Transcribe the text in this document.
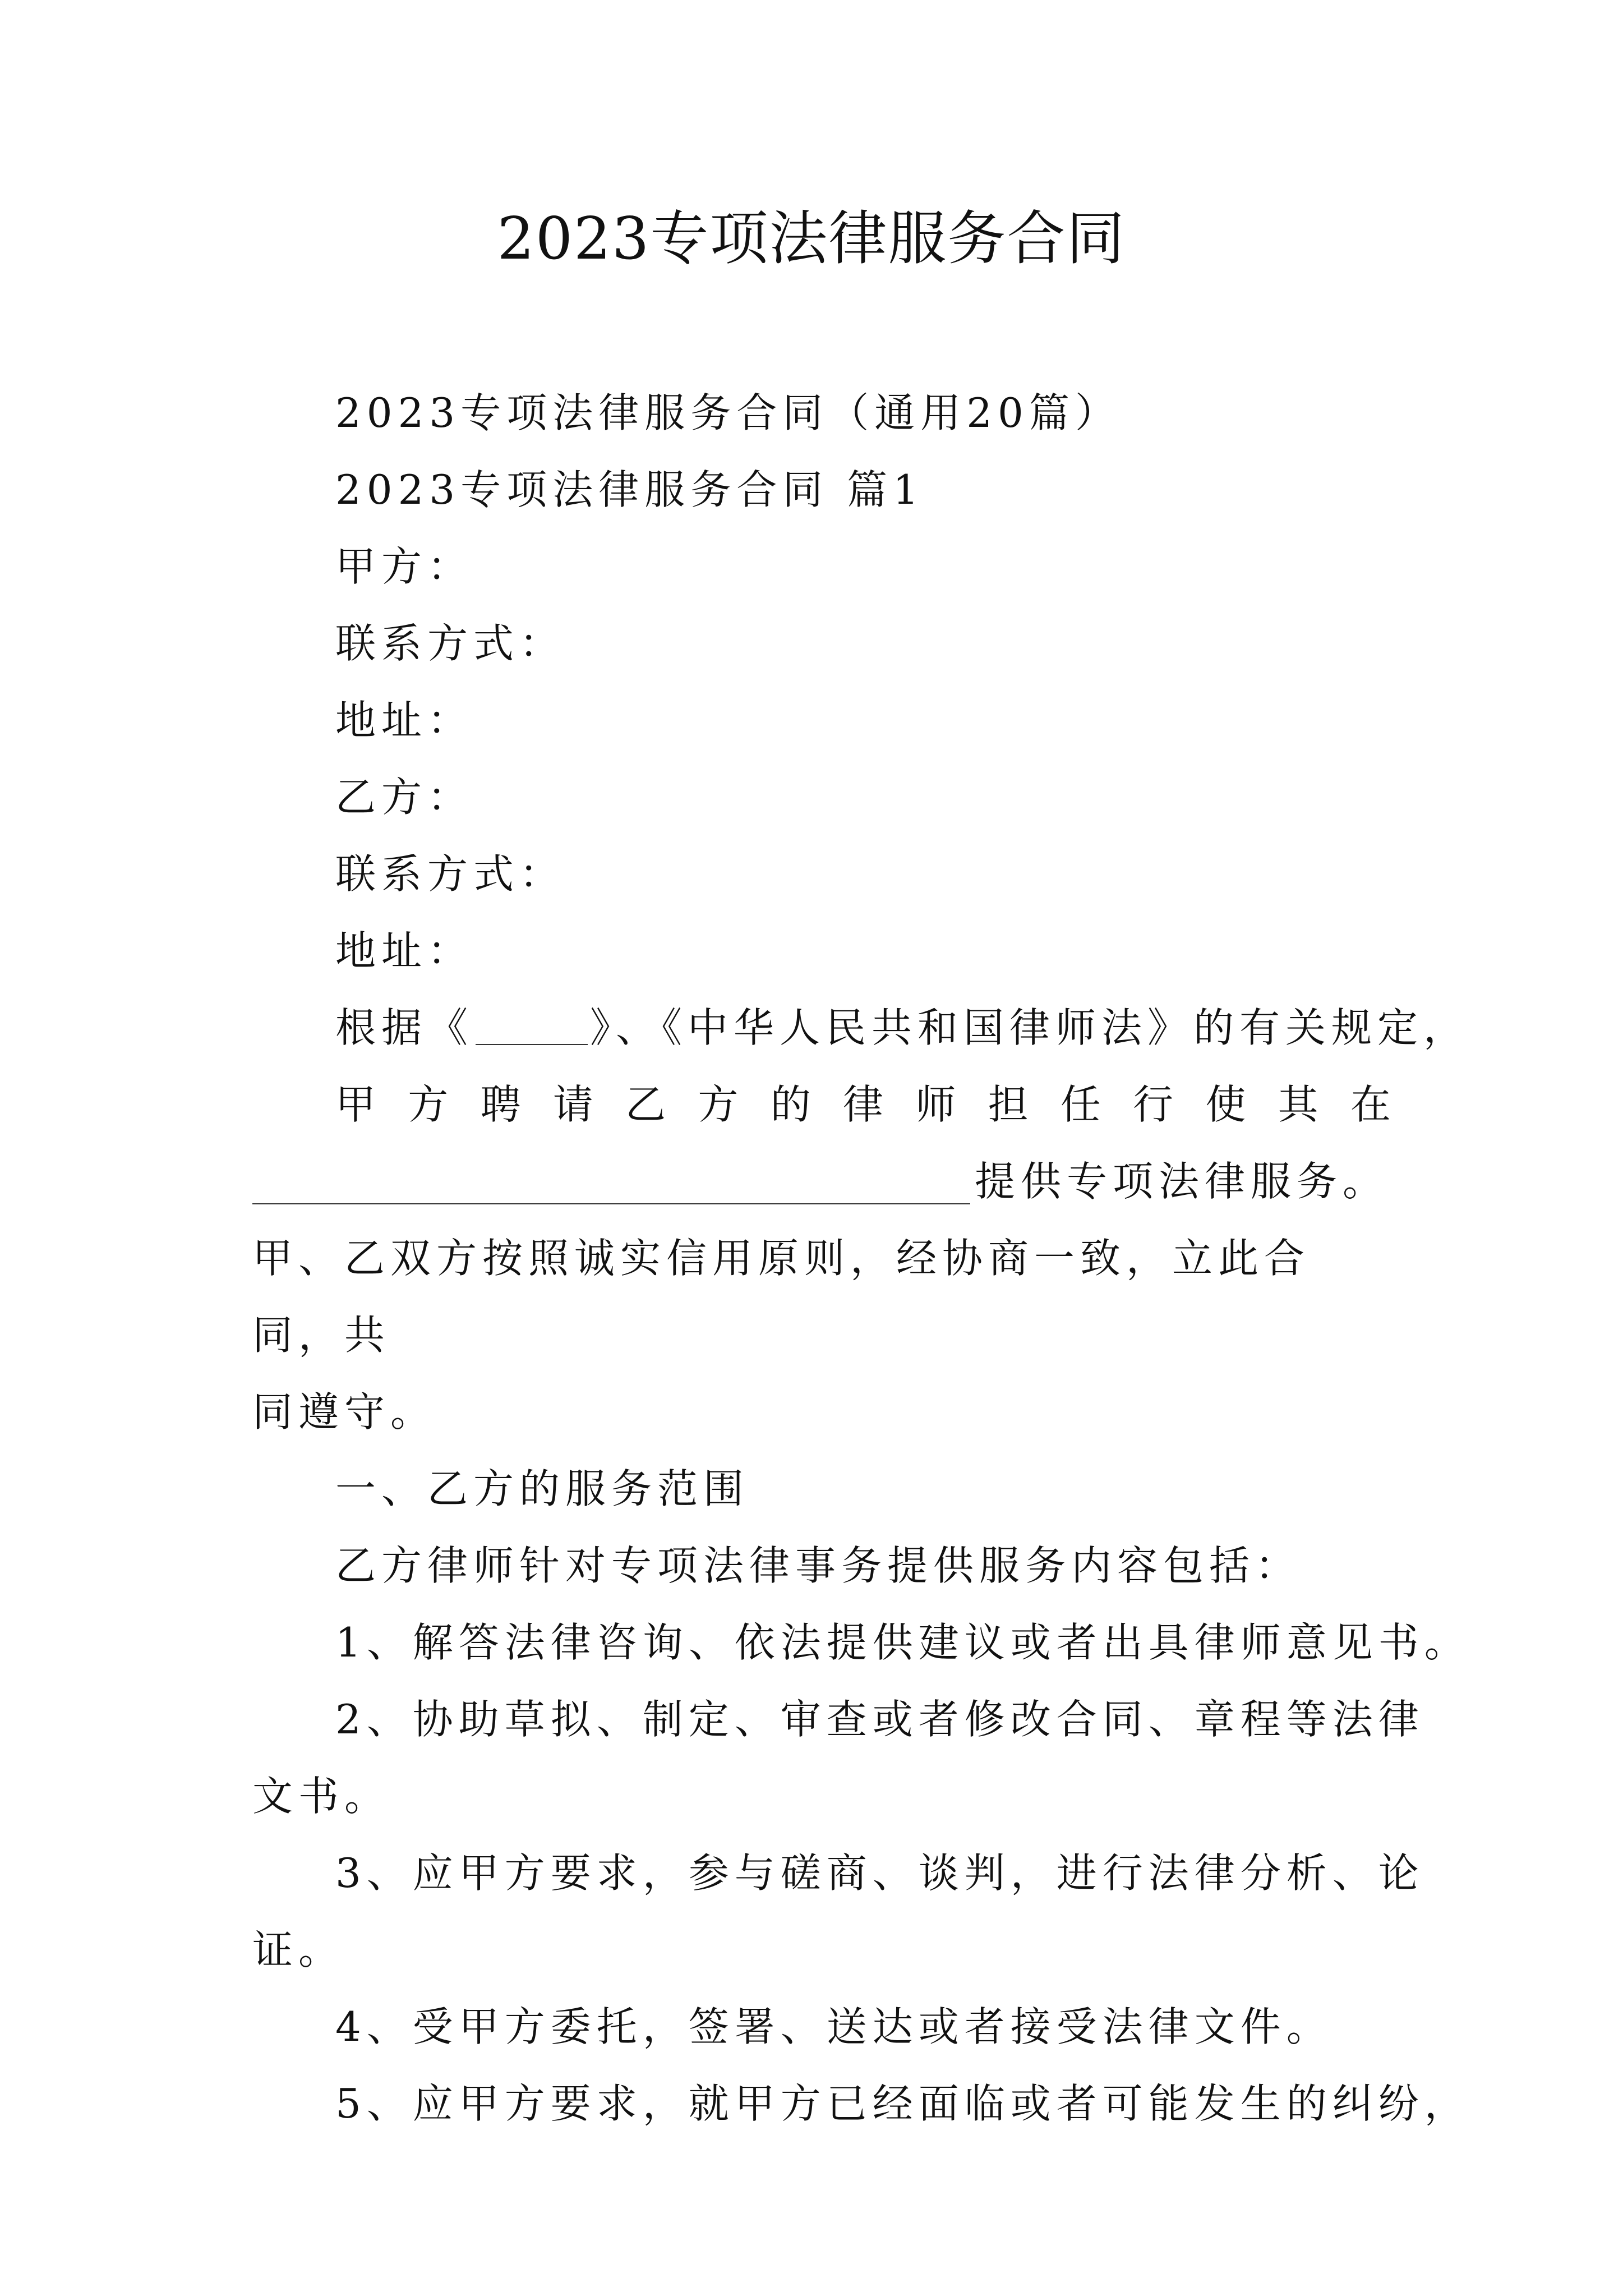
2023专项法律服务合同

2023专项法律服务合同（通用20篇）

2023专项法律服务合同 篇1

甲方：

联系方式：

地址：

乙方：

联系方式：

地址：

根据《	》、《中华人民共和国律师法》的有关规定，

甲 方 聘 请 乙 方 的 律 师 担 任 行 使 其 在

提供专项法律服务。

甲、乙双方按照诚实信用原则，经协商一致，立此合同，共

同遵守。

一、乙方的服务范围

乙方律师针对专项法律事务提供服务内容包括：

1、解答法律咨询、依法提供建议或者出具律师意见书。

2、协助草拟、制定、审查或者修改合同、章程等法律

文书。

3、应甲方要求，参与磋商、谈判，进行法律分析、论

证。

4、受甲方委托，签署、送达或者接受法律文件。

5、应甲方要求，就甲方已经面临或者可能发生的纠纷，
